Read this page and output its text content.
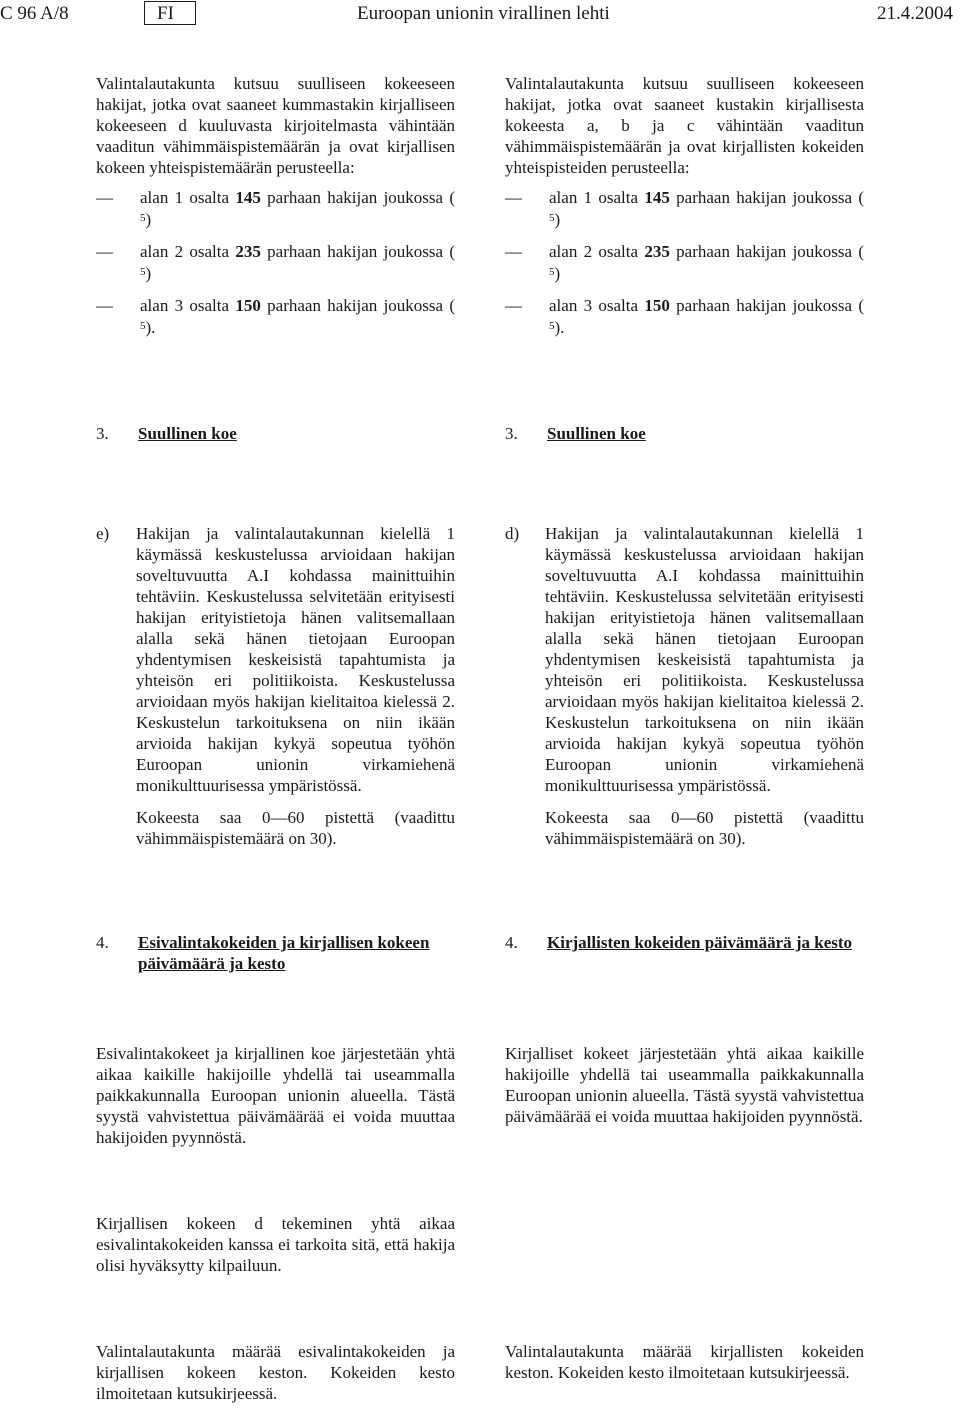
C 96 A/8	FI	Euroopan unionin virallinen lehti	21.4.2004

Valintalautakunta kutsuu suulliseen kokeeseen hakijat, jotka ovat saaneet kummastakin kirjalliseen kokeeseen d kuuluvasta kirjoitelmasta vähintään vaaditun vähimmäispistemäärän ja ovat kirjallisen kokeen yhteispistemäärän perusteella:

— alan 1 osalta 145 parhaan hakijan joukossa (
$^5$)

— alan 2 osalta 235 parhaan hakijan joukossa (
$^5$)

— alan 3 osalta 150 parhaan hakijan joukossa (
$^5$).

3. Suullinen koe
e) Hakijan ja valintalautakunnan kielellä 1 käymässä keskustelussa arvioidaan hakijan soveltuvuutta A.I kohdassa mainittuihin tehtäviin. Keskustelussa selvitetään erityisesti hakijan erityistietoja hänen valitsemallaan alalla sekä hänen tietojaan Euroopan yhdentymisen keskeisistä tapahtumista ja yhteisön eri politiikoista. Keskustelussa arvioidaan myös hakijan kielitaitoa kielessä 2. Keskustelun tarkoituksena on niin ikään arvioida hakijan kykyä sopeutua työhön Euroopan unionin virkamiehenä monikulttuurisessa ympäristössä.

Kokeesta saa 0—60 pistettä (vaadittu vähimmäispistemäärä on 30).

4. Esivalintakokeiden ja kirjallisen kokeen päivämäärä ja kesto

Esivalintakokeet ja kirjallinen koe järjestetään yhtä aikaa kaikille hakijoille yhdellä tai useammalla paikkakunnalla Euroopan unionin alueella. Tästä syystä vahvistettua päivämäärää ei voida muuttaa hakijoiden pyynnöstä.

Kirjallisen kokeen d tekeminen yhtä aikaa esivalintakokeiden kanssa ei tarkoita sitä, että hakija olisi hyväksytty kilpailuun.

Valintalautakunta määrää esivalintakokeiden ja kirjallisen kokeen keston. Kokeiden kesto ilmoitetaan kutsukirjeessä.

Valintalautakunta kutsuu suulliseen kokeeseen hakijat, jotka ovat saaneet kustakin kirjallisesta kokeesta a, b ja c vähintään vaaditun vähimmäispistemäärän ja ovat kirjallisten kokeiden yhteispisteiden perusteella:

— alan 1 osalta 145 parhaan hakijan joukossa (
$^5$)

— alan 2 osalta 235 parhaan hakijan joukossa (
$^5$)

— alan 3 osalta 150 parhaan hakijan joukossa (
$^5$).

3. Suullinen koe
d) Hakijan ja valintalautakunnan kielellä 1 käymässä keskustelussa arvioidaan hakijan soveltuvuutta A.I kohdassa mainittuihin tehtäviin. Keskustelussa selvitetään erityisesti hakijan erityistietoja hänen valitsemallaan alalla sekä hänen tietojaan Euroopan yhdentymisen keskeisistä tapahtumista ja yhteisön eri politiikoista. Keskustelussa arvioidaan myös hakijan kielitaitoa kielessä 2. Keskustelun tarkoituksena on niin ikään arvioida hakijan kykyä sopeutua työhön Euroopan unionin virkamiehenä monikulttuurisessa ympäristössä.

Kokeesta saa 0—60 pistettä (vaadittu vähimmäispistemäärä on 30).

4. Kirjallisten kokeiden päivämäärä ja kesto

Kirjalliset kokeet järjestetään yhtä aikaa kaikille hakijoille yhdellä tai useammalla paikkakunnalla Euroopan unionin alueella. Tästä syystä vahvistettua päivämäärää ei voida muuttaa hakijoiden pyynnöstä.

Valintalautakunta määrää kirjallisten kokeiden keston. Kokeiden kesto ilmoitetaan kutsukirjeessä.
